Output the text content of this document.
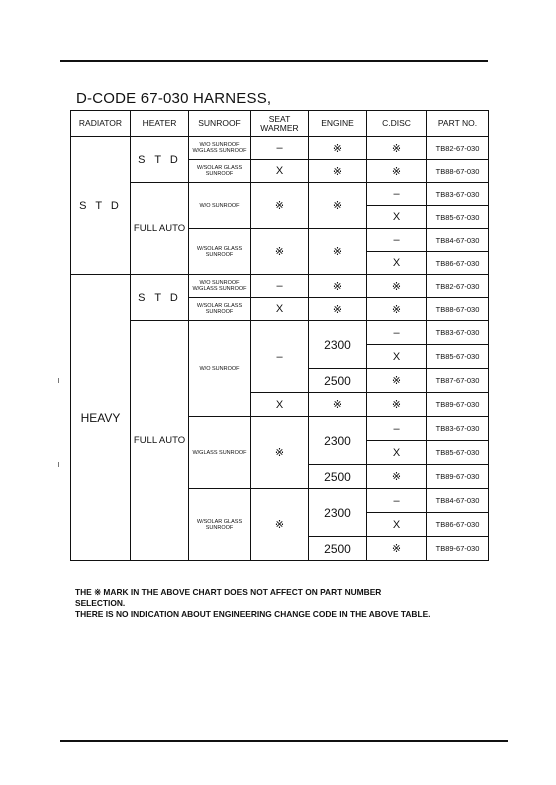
D-CODE 67-030 HARNESS,
RADIATOR	HEATER	SUNROOF	SEAT WARMER	ENGINE	C.DISC	PART NO.
S T D	S T D	W/O SUNROOF W/GLASS SUNROOF	–	※	※	TB82-67-030
		W/SOLAR GLASS SUNROOF	X	※	※	TB88-67-030
	FULL AUTO	W/O SUNROOF	※	※	–	TB83-67-030
					X	TB85-67-030
		W/SOLAR GLASS SUNROOF	※	※	–	TB84-67-030
					X	TB86-67-030
HEAVY	S T D	W/O SUNROOF W/GLASS SUNROOF	–	※	※	TB82-67-030
		W/SOLAR GLASS SUNROOF	X	※	※	TB88-67-030
	FULL AUTO	W/O SUNROOF	–	2300	–	TB83-67-030
					X	TB85-67-030
				2500	※	TB87-67-030
			X	※	※	TB89-67-030
		W/GLASS SUNROOF	※	2300	–	TB83-67-030
					X	TB85-67-030
				2500	※	TB89-67-030
		W/SOLAR GLASS SUNROOF	※	2300	–	TB84-67-030
					X	TB86-67-030
				2500	※	TB89-67-030
THE ※ MARK IN THE ABOVE CHART DOES NOT AFFECT ON PART NUMBER
SELECTION.
THERE IS NO INDICATION ABOUT ENGINEERING CHANGE CODE IN THE ABOVE TABLE.
